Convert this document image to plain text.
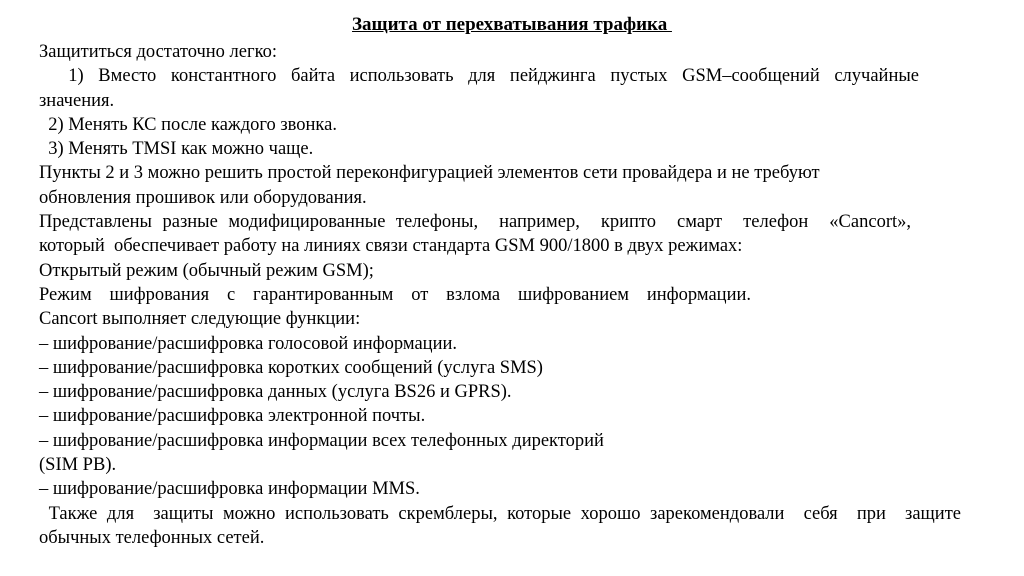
Защита от перехватывания трафика
Защититься достаточно легко:
1) Вместо константного байта использовать для пейджинга пустых GSM–сообщений случайные
значения.
2) Менять КС после каждого звонка.
3) Менять TMSI как можно чаще.
Пункты 2 и 3 можно решить простой переконфигурацией элементов сети провайдера и не требуют
обновления прошивок или оборудования.
Представлены разные модифицированные телефоны,  например,  крипто  смарт  телефон  «Cancort»,
который  обеспечивает работу на линиях связи стандарта GSM 900/1800 в двух режимах:
Открытый режим (обычный режим GSM);
Режим шифрования с гарантированным от взлома шифрованием информации.
Cancort выполняет следующие функции:
– шифрование/расшифровка голосовой информации.
– шифрование/расшифровка коротких сообщений (услуга SMS)
– шифрование/расшифровка данных (услуга BS26 и GPRS).
– шифрование/расшифровка электронной почты.
– шифрование/расшифровка информации всех телефонных директорий
(SIM PB).
– шифрование/расшифровка информации MMS.
Также для  защиты можно использовать скремблеры, которые хорошо зарекомендовали  себя  при  защите
обычных телефонных сетей.
